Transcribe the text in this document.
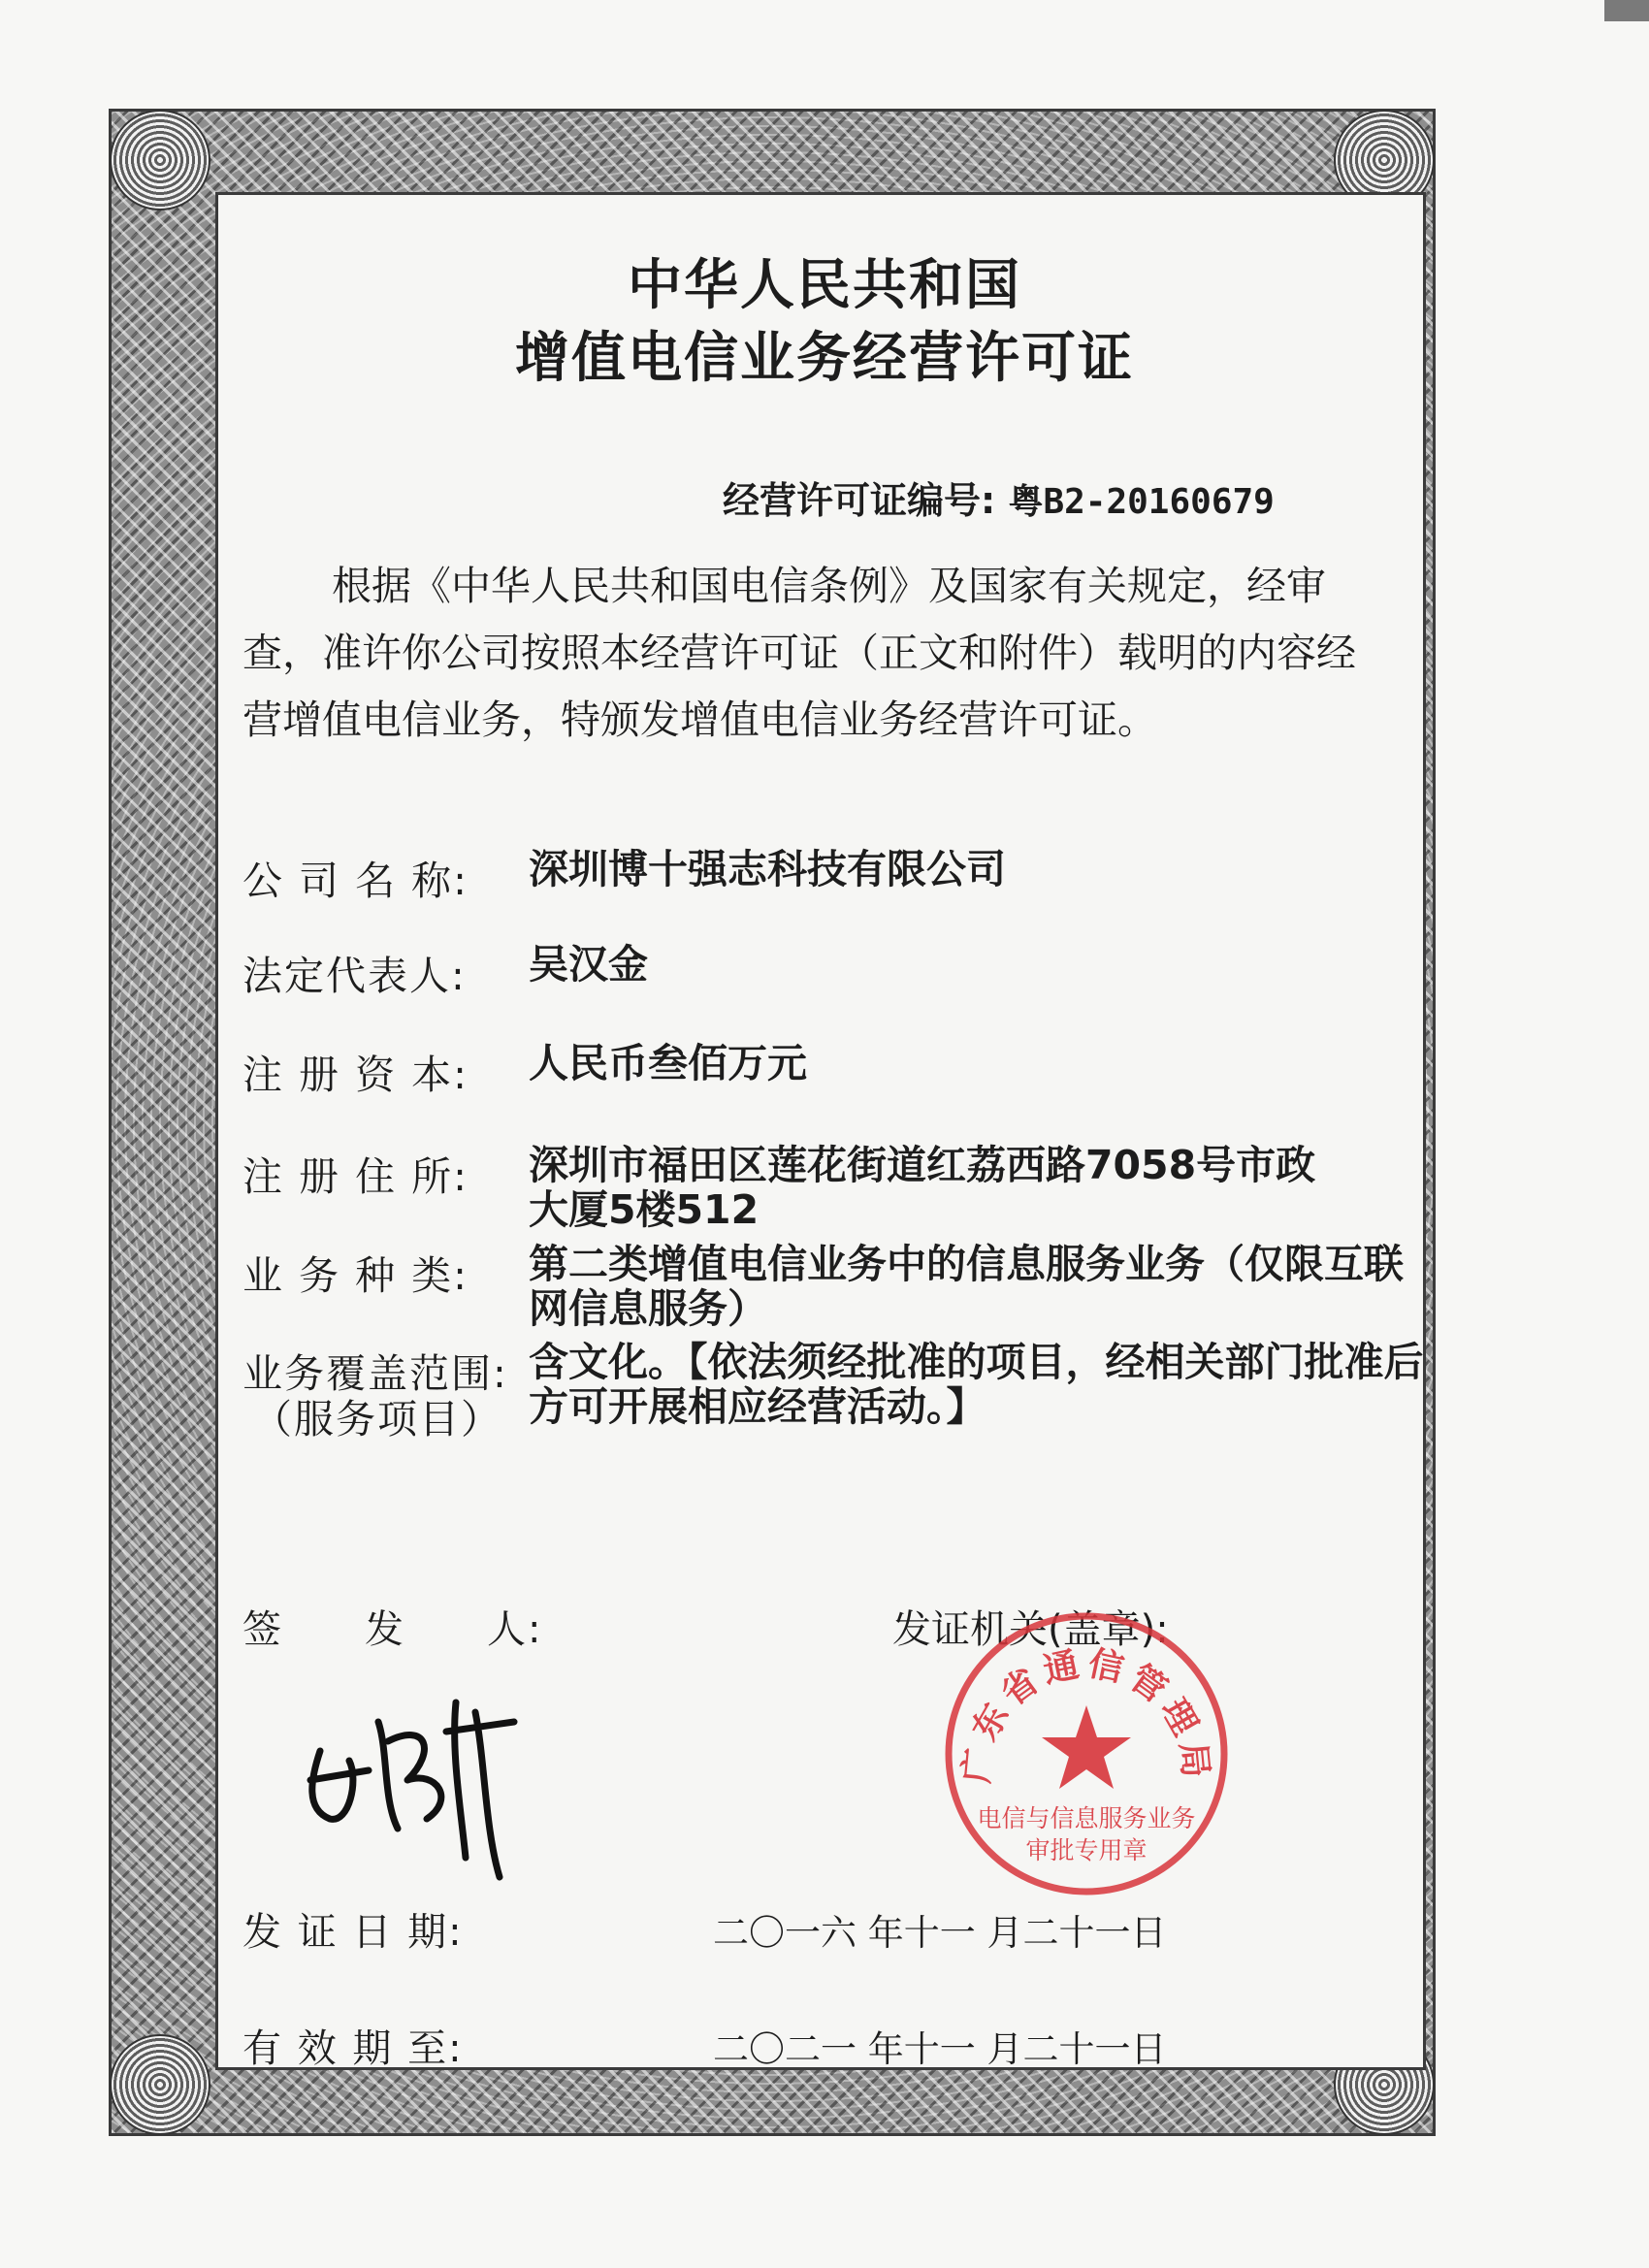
中华人民共和国
增值电信业务经营许可证
经营许可证编号: 粤B2-20160679

根据《中华人民共和国电信条例》及国家有关规定，经审查，准许你公司按照本经营许可证（正文和附件）载明的内容经营增值电信业务，特颁发增值电信业务经营许可证。

公 司 名 称: 深圳博十强志科技有限公司
法定代表人: 吴汉金
注 册 资 本: 人民币叁佰万元
注 册 住 所: 深圳市福田区莲花街道红荔西路7058号市政大厦5楼512
业 务 种 类: 第二类增值电信业务中的信息服务业务（仅限互联网信息服务）
业务覆盖范围:
（服务项目）
含文化。【依法须经批准的项目，经相关部门批准后方可开展相应经营活动。】
签　　发　　人:	发证机关(盖章):
广东省通信管理局
电信与信息服务业务
审批专用章
发 证 日 期:	二〇一六 年十一 月二十一日
有 效 期 至:	二〇二一 年十一 月二十一日
